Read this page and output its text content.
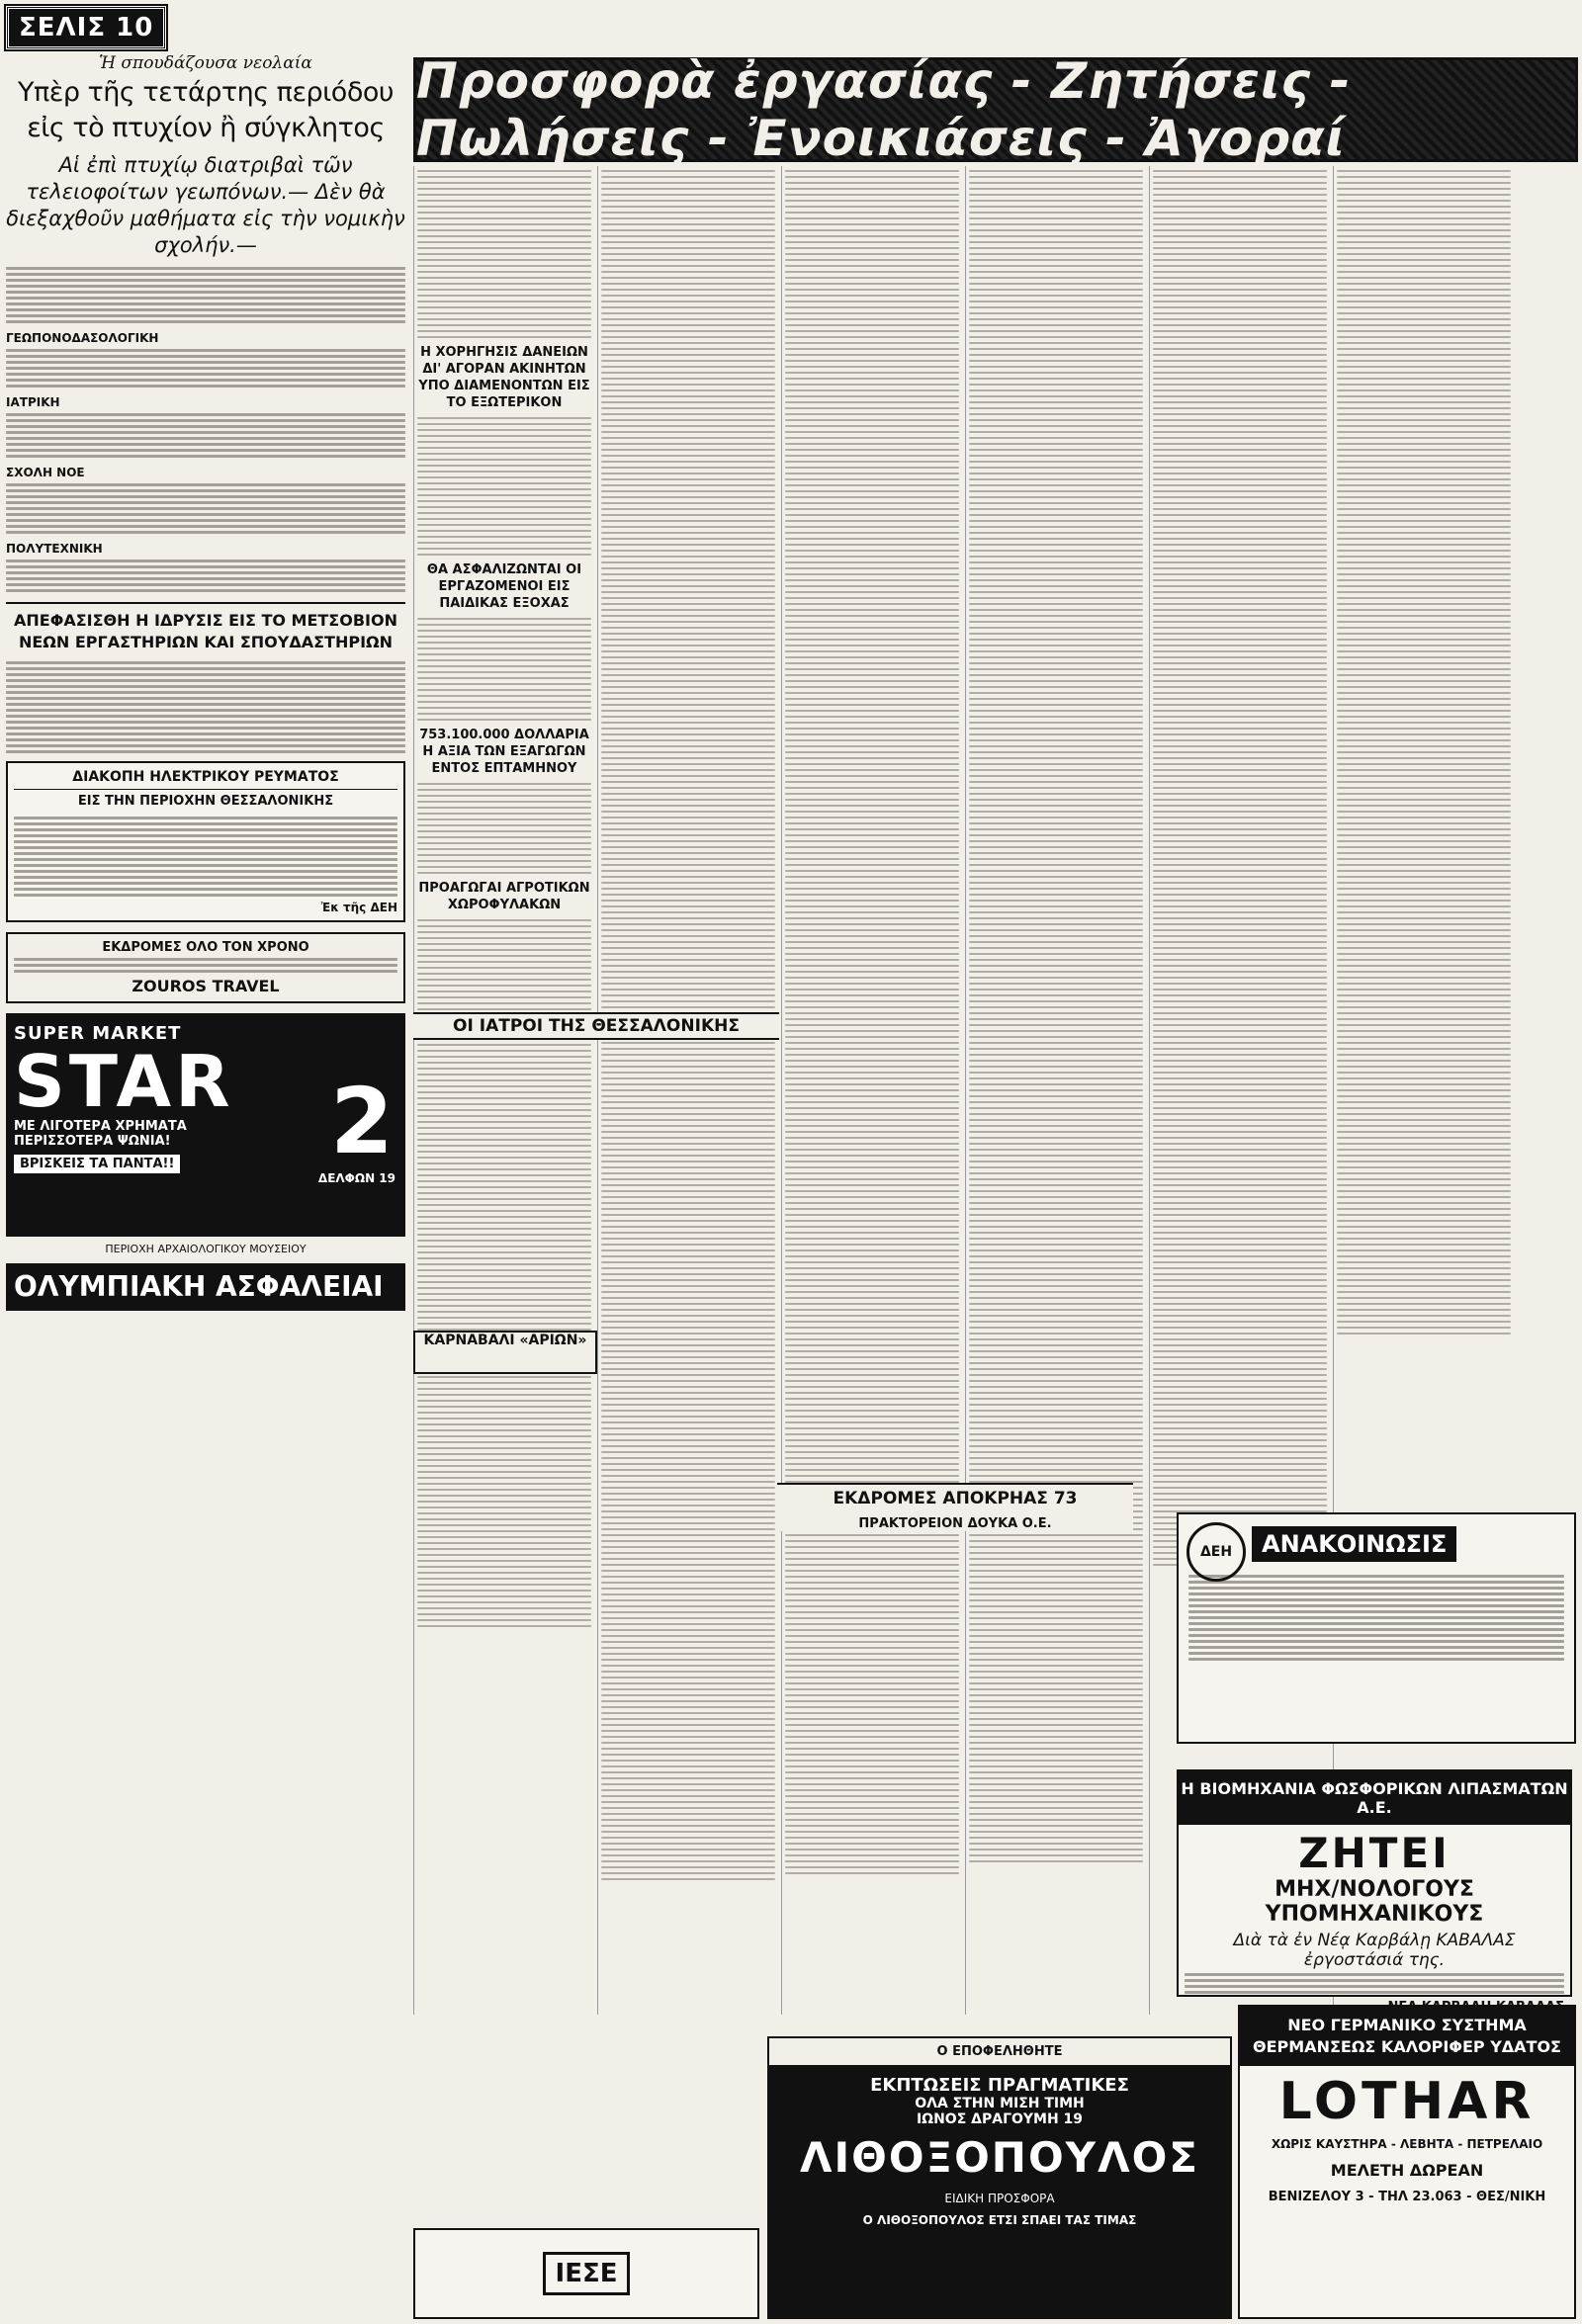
ΣΕΛΙΣ 10
Ἡ σπουδάζουσα νεολαία
Υπὲρ τῆς τετάρτης περιόδου εἰς τὸ πτυχίον ἢ σύγκλητος
Αἱ ἐπὶ πτυχίῳ διατριβαὶ τῶν τελειοφοίτων γεωπόνων.— Δὲν θὰ διεξαχθοῦν μαθήματα εἰς τὴν νομικὴν σχολήν.—
ΓΕΩΠΟΝΟΔΑΣΟΛΟΓΙΚΗ
ΙΑΤΡΙΚΗ
ΣΧΟΛΗ ΝΟΕ
ΠΟΛΥΤΕΧΝΙΚΗ
ΑΠΕΦΑΣΙΣΘΗ Η ΙΔΡΥΣΙΣ ΕΙΣ ΤΟ ΜΕΤΣΟΒΙΟΝ ΝΕΩΝ ΕΡΓΑΣΤΗΡΙΩΝ ΚΑΙ ΣΠΟΥΔΑΣΤΗΡΙΩΝ
ΔΙΑΚΟΠΗ ΗΛΕΚΤΡΙΚΟΥ ΡΕΥΜΑΤΟΣ
ΕΙΣ ΤΗΝ ΠΕΡΙΟΧΗΝ ΘΕΣΣΑΛΟΝΙΚΗΣ
Ἐκ τῆς ΔΕΗ
ΕΚΔΡΟΜΕΣ ΟΛΟ ΤΟΝ ΧΡΟΝΟ
ZOUROS TRAVEL
SUPER MARKET
STAR
ΜΕ ΛΙΓΟΤΕΡΑ ΧΡΗΜΑΤΑ
ΠΕΡΙΣΣΟΤΕΡΑ ΨΩΝΙΑ!
ΒΡΙΣΚΕΙΣ ΤΑ ΠΑΝΤΑ!! 2
ΔΕΛΦΩΝ 19
ΠΕΡΙΟΧΗ ΑΡΧΑΙΟΛΟΓΙΚΟΥ ΜΟΥΣΕΙΟΥ
ΟΛΥΜΠΙΑΚΗ ΑΣΦΑΛΕΙΑΙ
Προσφορὰ ἐργασίας - Ζητήσεις - Πωλήσεις - Ἐνοικιάσεις - Ἀγοραί
Η ΧΟΡΗΓΗΣΙΣ ΔΑΝΕΙΩΝ ΔΙ' ΑΓΟΡΑΝ ΑΚΙΝΗΤΩΝ ΥΠΟ ΔΙΑΜΕΝΟΝΤΩΝ ΕΙΣ ΤΟ ΕΞΩΤΕΡΙΚΟΝ
ΘΑ ΑΣΦΑΛΙΖΩΝΤΑΙ ΟΙ ΕΡΓΑΖΟΜΕΝΟΙ ΕΙΣ ΠΑΙΔΙΚΑΣ ΕΞΟΧΑΣ
753.100.000 ΔΟΛΛΑΡΙΑ Η ΑΞΙΑ ΤΩΝ ΕΞΑΓΩΓΩΝ ΕΝΤΟΣ ΕΠΤΑΜΗΝΟΥ
ΠΡΟΑΓΩΓΑΙ ΑΓΡΟΤΙΚΩΝ ΧΩΡΟΦΥΛΑΚΩΝ
ΟΙ ΙΑΤΡΟΙ ΤΗΣ ΘΕΣΣΑΛΟΝΙΚΗΣ
ΚΑΡΝΑΒΑΛΙ «ΑΡΙΩΝ»
ΕΚΔΡΟΜΕΣ ΑΠΟΚΡΗΑΣ 73
ΠΡΑΚΤΟΡΕΙΟΝ ΔΟΥΚΑ Ο.Ε.
ΔΕΗ	ΑΝΑΚΟΙΝΩΣΙΣ
Η ΒΙΟΜΗΧΑΝΙΑ ΦΩΣΦΟΡΙΚΩΝ ΛΙΠΑΣΜΑΤΩΝ Α.Ε.
ΖΗΤΕΙ
ΜΗΧ/ΝΟΛΟΓΟΥΣ ΥΠΟΜΗΧΑΝΙΚΟΥΣ
Διὰ τὰ ἐν Νέᾳ Καρβάλῃ ΚΑΒΑΛΑΣ ἐργοστάσιά της.
ΙΕΣΕ
Ο ΕΠΟΦΕΛΗΘΗΤΕ
ΕΚΠΤΩΣΕΙΣ ΠΡΑΓΜΑΤΙΚΕΣ
ΟΛΑ ΣΤΗΝ ΜΙΣΗ ΤΙΜΗ
ΙΩΝΟΣ ΔΡΑΓΟΥΜΗ 19
ΛΙΘΟΞΟΠΟΥΛΟΣ
ΕΙΔΙΚΗ ΠΡΟΣΦΟΡΑ
Ο ΛΙΘΟΞΟΠΟΥΛΟΣ ΕΤΣΙ ΣΠΑΕΙ ΤΑΣ ΤΙΜΑΣ
ΝΕΟ ΓΕΡΜΑΝΙΚΟ ΣΥΣΤΗΜΑ ΘΕΡΜΑΝΣΕΩΣ ΚΑΛΟΡΙΦΕΡ ΥΔΑΤΟΣ
LOTHAR
ΧΩΡΙΣ ΚΑΥΣΤΗΡΑ - ΛΕΒΗΤΑ - ΠΕΤΡΕΛΑΙΟ
ΜΕΛΕΤΗ ΔΩΡΕΑΝ
ΒΕΝΙΖΕΛΟΥ 3 - ΤΗΛ 23.063 - ΘΕΣ/ΝΙΚΗ
